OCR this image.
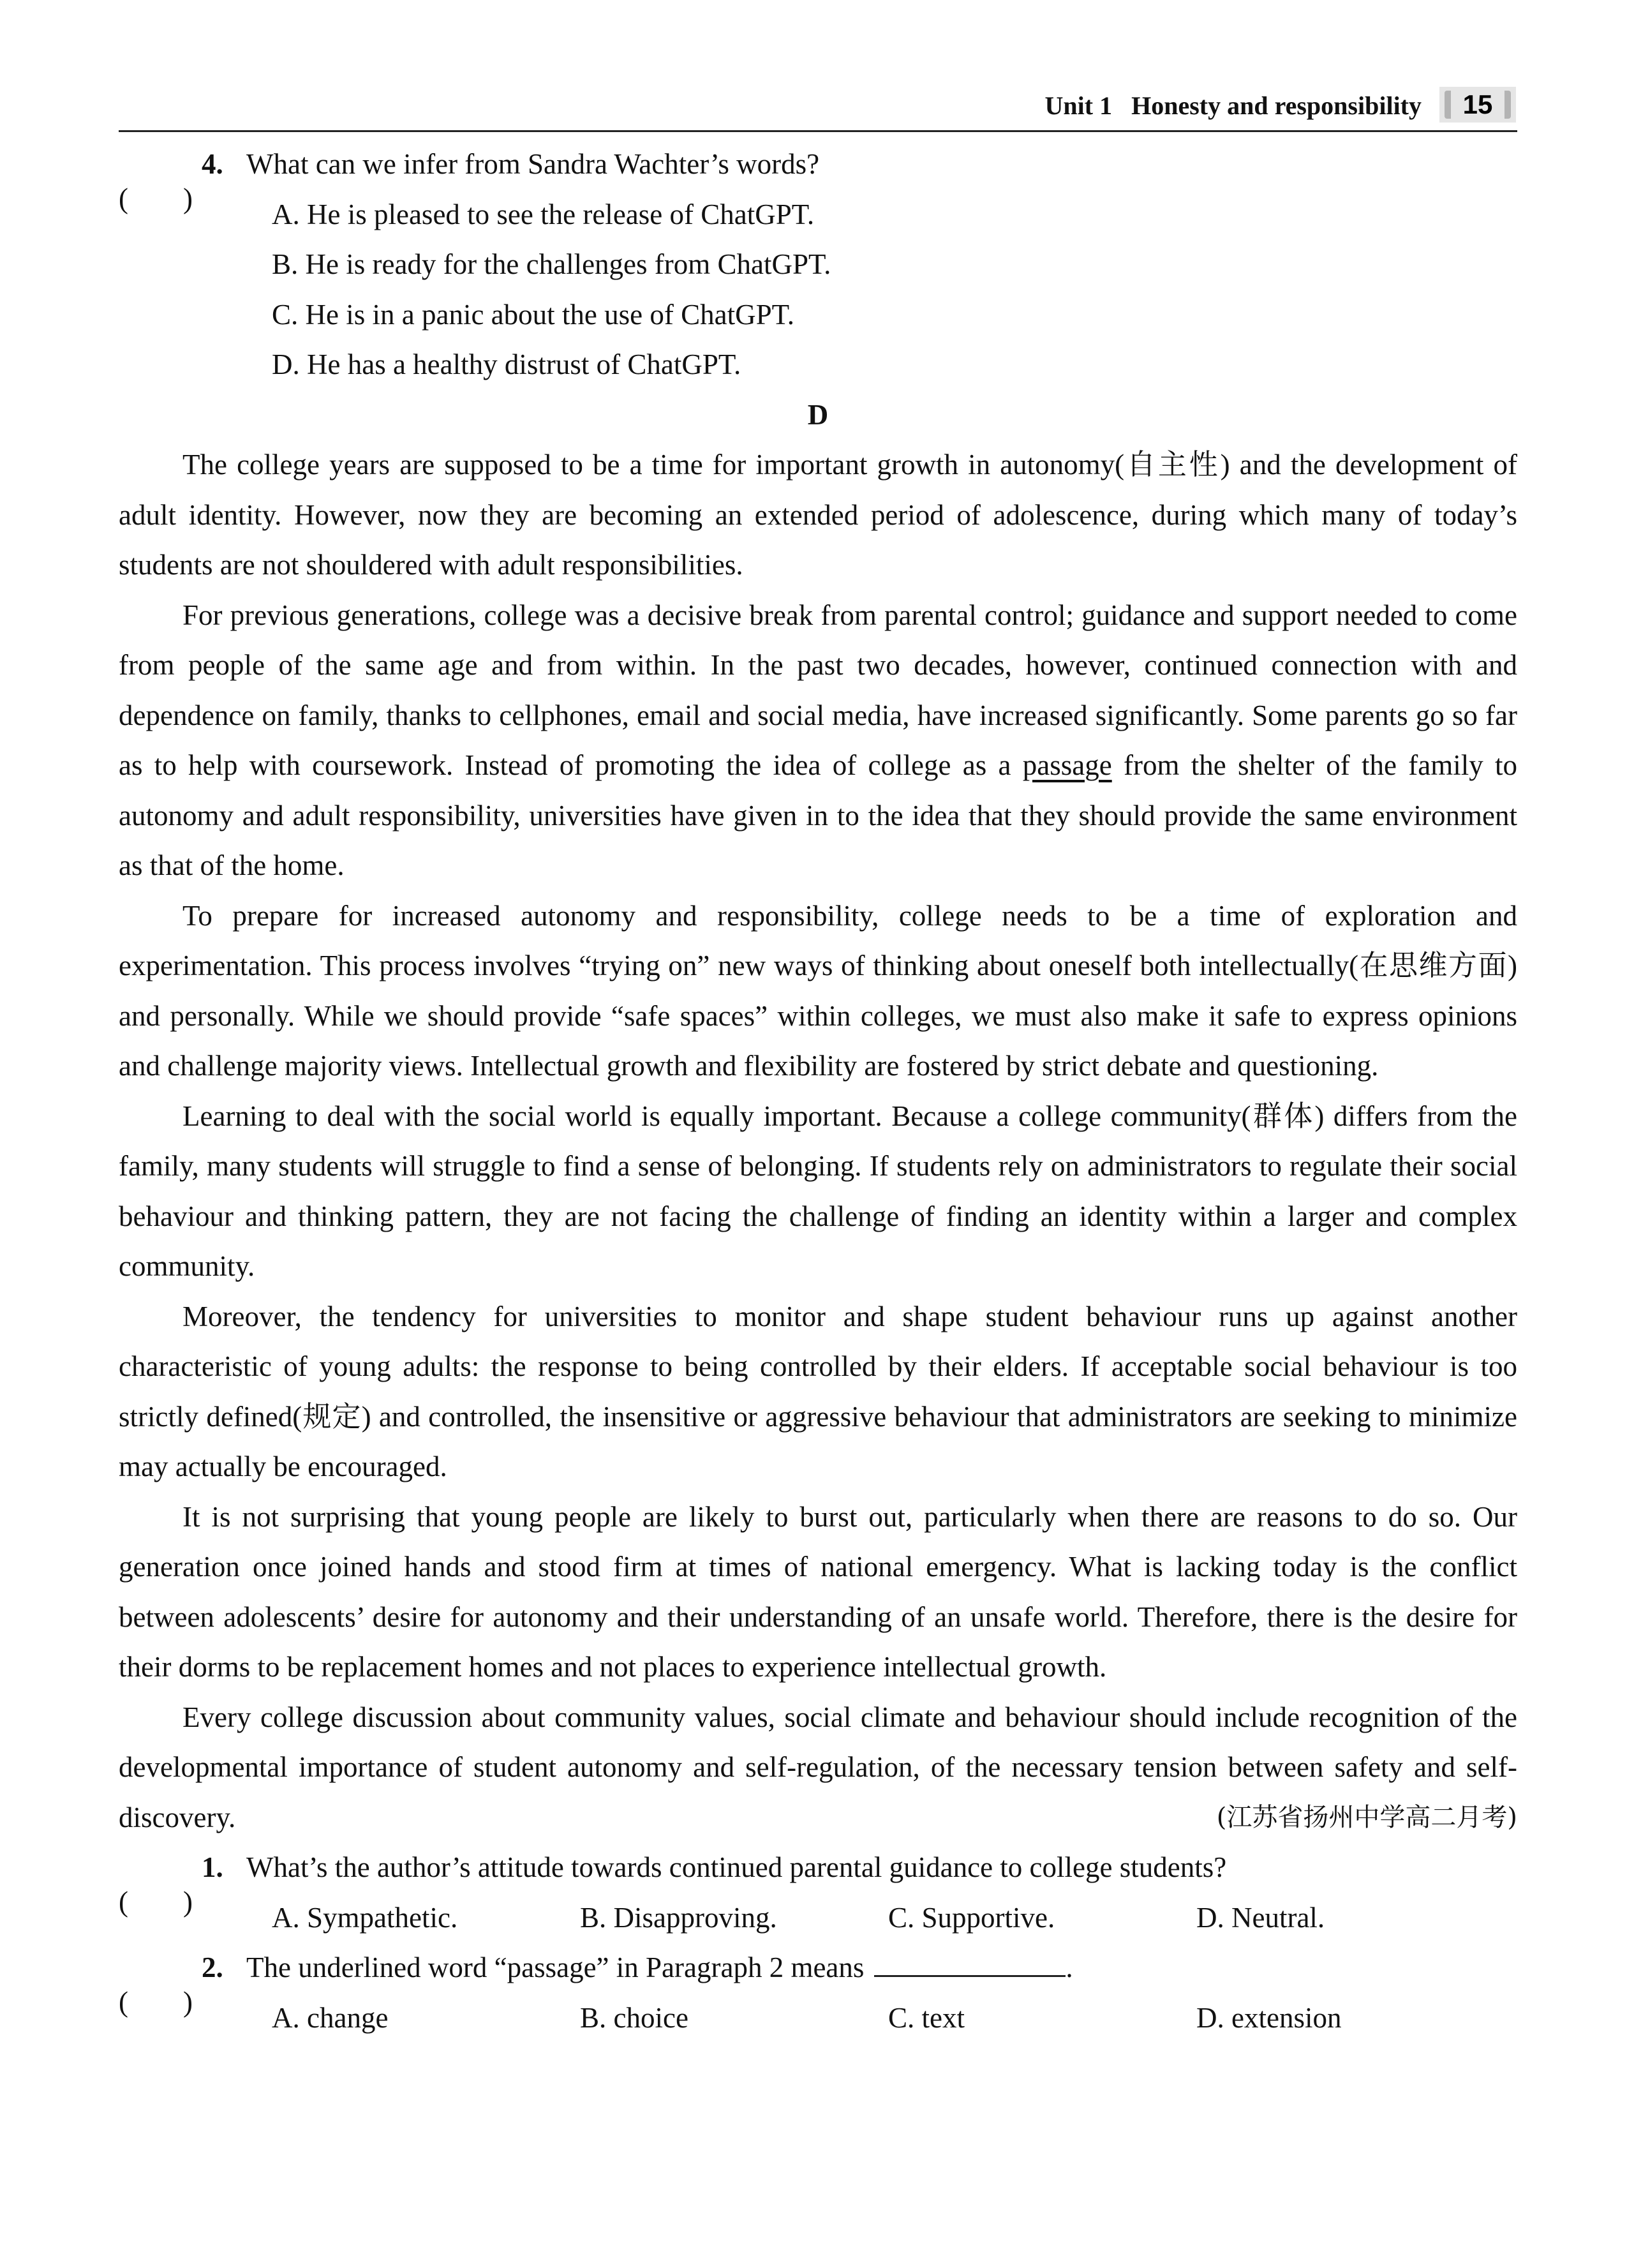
Unit 1 Honesty and responsibility 15
( )
4. What can we infer from Sandra Wachter’s words?
A. He is pleased to see the release of ChatGPT.
B. He is ready for the challenges from ChatGPT.
C. He is in a panic about the use of ChatGPT.
D. He has a healthy distrust of ChatGPT.
D

The college years are supposed to be a time for important growth in autonomy(自主性) and the development of adult identity. However, now they are becoming an extended period of adolescence, during which many of today’s students are not shouldered with adult responsibilities.

For previous generations, college was a decisive break from parental control; guidance and support needed to come from people of the same age and from within. In the past two decades, however, continued connection with and dependence on family, thanks to cellphones, email and social media, have increased significantly. Some parents go so far as to help with coursework. Instead of promoting the idea of college as a passage from the shelter of the family to autonomy and adult responsibility, universities have given in to the idea that they should provide the same environment as that of the home.

To prepare for increased autonomy and responsibility, college needs to be a time of exploration and experimentation. This process involves “trying on” new ways of thinking about oneself both intellectually(在思维方面) and personally. While we should provide “safe spaces” within colleges, we must also make it safe to express opinions and challenge majority views. Intellectual growth and flexibility are fostered by strict debate and questioning.

Learning to deal with the social world is equally important. Because a college community(群体) differs from the family, many students will struggle to find a sense of belonging. If students rely on administrators to regulate their social behaviour and thinking pattern, they are not facing the challenge of finding an identity within a larger and complex community.

Moreover, the tendency for universities to monitor and shape student behaviour runs up against another characteristic of young adults: the response to being controlled by their elders. If acceptable social behaviour is too strictly defined(规定) and controlled, the insensitive or aggressive behaviour that administrators are seeking to minimize may actually be encouraged.

It is not surprising that young people are likely to burst out, particularly when there are reasons to do so. Our generation once joined hands and stood firm at times of national emergency. What is lacking today is the conflict between adolescents’ desire for autonomy and their understanding of an unsafe world. Therefore, there is the desire for their dorms to be replacement homes and not places to experience intellectual growth.

Every college discussion about community values, social climate and behaviour should include recognition of the developmental importance of student autonomy and self-regulation, of the necessary tension between safety and self-discovery.	(江苏省扬州中学高二月考)

( )
1. What’s the author’s attitude towards continued parental guidance to college students?
A. Sympathetic.	B. Disapproving.	C. Supportive.	D. Neutral.
( )
2. The underlined word “passage” in Paragraph 2 means	.
A. change	B. choice	C. text	D. extension
